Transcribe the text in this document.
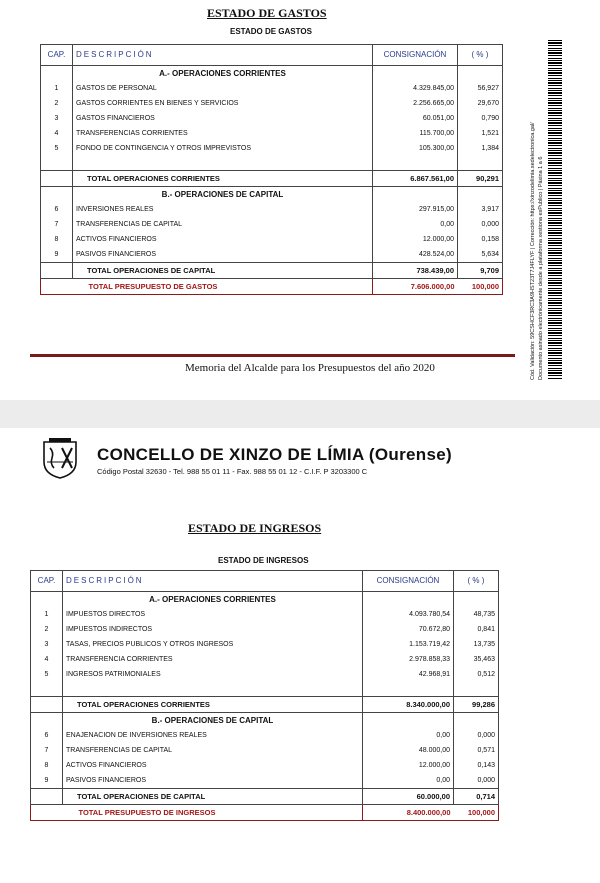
ESTADO DE GASTOS
ESTADO DE GASTOS
CAP.	DESCRIPCIÓN	CONSIGNACIÓN	( % )
	A.- OPERACIONES CORRIENTES		
1	GASTOS DE PERSONAL	4.329.845,00	56,927
2	GASTOS CORRIENTES EN BIENES Y SERVICIOS	2.256.665,00	29,670
3	GASTOS FINANCIEROS	60.051,00	0,790
4	TRANSFERENCIAS CORRIENTES	115.700,00	1,521
5	FONDO DE CONTINGENCIA Y OTROS IMPREVISTOS	105.300,00	1,384

	TOTAL OPERACIONES CORRIENTES	6.867.561,00	90,291
	B.- OPERACIONES DE CAPITAL		
6	INVERSIONES REALES	297.915,00	3,917
7	TRANSFERENCIAS DE CAPITAL	0,00	0,000
8	ACTIVOS FINANCIEROS	12.000,00	0,158
9	PASIVOS FINANCIEROS	428.524,00	5,634
	TOTAL OPERACIONES DE CAPITAL	738.439,00	9,709
	TOTAL PRESUPUESTO DE GASTOS	7.606.000,00	100,000
Memoria del Alcalde para los Presupuestos del año 2020	Cód. Validación: 59CSHCF3RC3A9HST23T7J4FLYF | Corrección: https://xinzodelimia.sedelectronica.gal/ Documento asinado electrónicamente desde a plataforma xestiona esPublico | Páxina 1 a 6
CONCELLO DE XINZO DE LÍMIA (Ourense)
Código Postal 32630 - Tel. 988 55 01 11 - Fax. 988 55 01 12 - C.I.F. P 3203300 C
ESTADO DE INGRESOS
ESTADO DE INGRESOS
CAP.	DESCRIPCIÓN	CONSIGNACIÓN	( % )
	A.- OPERACIONES CORRIENTES		
1	IMPUESTOS DIRECTOS	4.093.780,54	48,735
2	IMPUESTOS INDIRECTOS	70.672,80	0,841
3	TASAS, PRECIOS PUBLICOS Y OTROS INGRESOS	1.153.719,42	13,735
4	TRANSFERENCIA CORRIENTES	2.978.858,33	35,463
5	INGRESOS PATRIMONIALES	42.968,91	0,512

	TOTAL OPERACIONES CORRIENTES	8.340.000,00	99,286
	B.- OPERACIONES DE CAPITAL		
6	ENAJENACION DE INVERSIONES REALES	0,00	0,000
7	TRANSFERENCIAS DE CAPITAL	48.000,00	0,571
8	ACTIVOS FINANCIEROS	12.000,00	0,143
9	PASIVOS FINANCIEROS	0,00	0,000
	TOTAL OPERACIONES DE CAPITAL	60.000,00	0,714
	TOTAL PRESUPUESTO DE INGRESOS	8.400.000,00	100,000
